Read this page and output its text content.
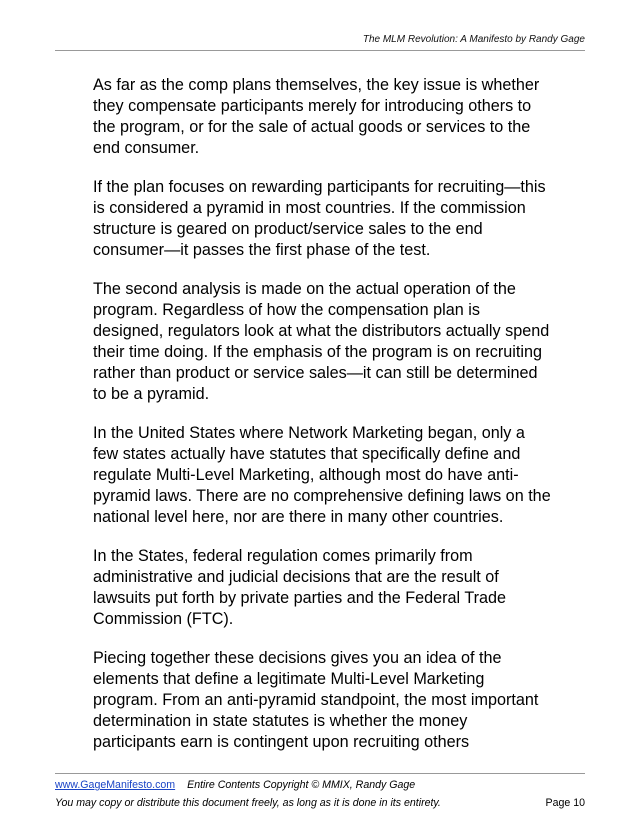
The MLM Revolution: A Manifesto by Randy Gage

As far as the comp plans themselves, the key issue is whether they compensate participants merely for introducing others to the program, or for the sale of actual goods or services to the end consumer.

If the plan focuses on rewarding participants for recruiting—this is considered a pyramid in most countries. If the commission structure is geared on product/service sales to the end consumer—it passes the first phase of the test.

The second analysis is made on the actual operation of the program. Regardless of how the compensation plan is designed, regulators look at what the distributors actually spend their time doing. If the emphasis of the program is on recruiting rather than product or service sales—it can still be determined to be a pyramid.

In the United States where Network Marketing began, only a few states actually have statutes that specifically define and regulate Multi-Level Marketing, although most do have anti-pyramid laws. There are no comprehensive defining laws on the national level here, nor are there in many other countries.

In the States, federal regulation comes primarily from administrative and judicial decisions that are the result of lawsuits put forth by private parties and the Federal Trade Commission (FTC).

Piecing together these decisions gives you an idea of the elements that define a legitimate Multi-Level Marketing program. From an anti-pyramid standpoint, the most important determination in state statutes is whether the money participants earn is contingent upon recruiting others

www.GageManifesto.com Entire Contents Copyright © MMIX, Randy Gage
You may copy or distribute this document freely, as long as it is done in its entirety.	Page 10
